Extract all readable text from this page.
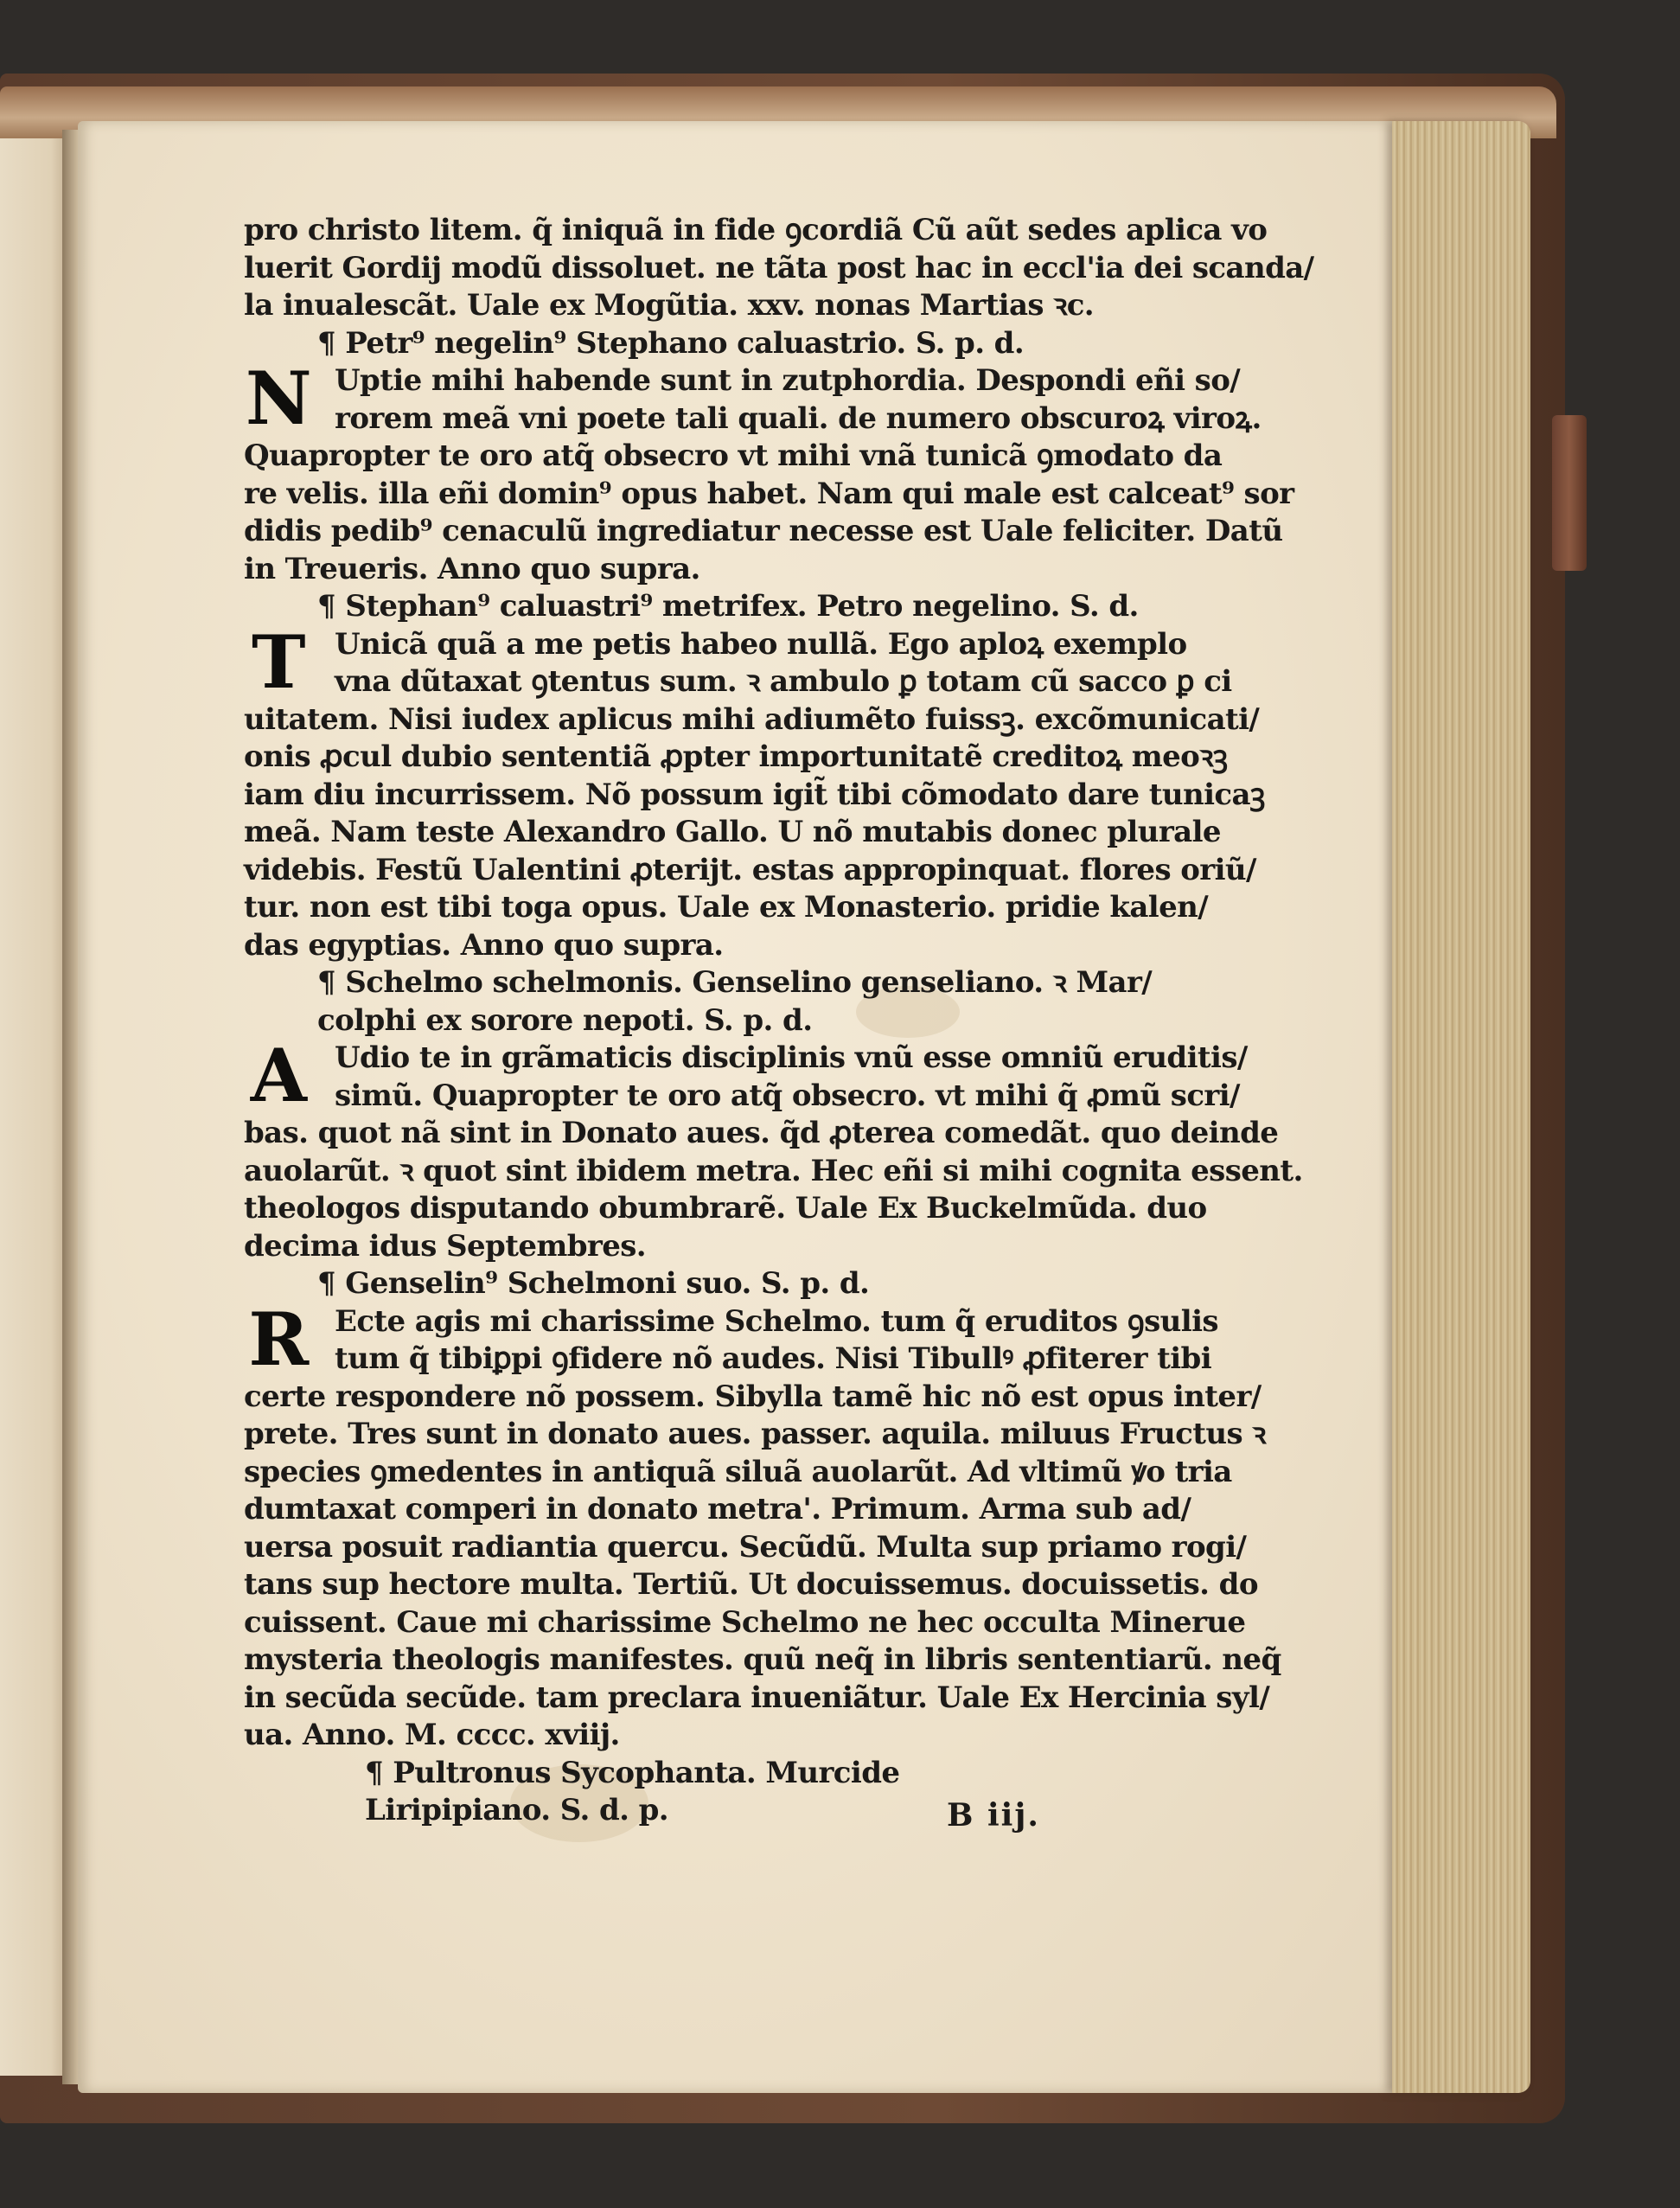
pro christo litem. q̃ iniquã in fide ꝯcordiã Cũ aũt sedes aplica vo
luerit Gordij modũ dissoluet. ne tãta post hac in eccl'ia dei scanda/
la inualescãt. Uale ex Mogũtia. xxv. nonas Martias ꝛc.
¶ Petr⁹ negelin⁹ Stephano caluastrio. S. p. d.
N Uptie mihi habende sunt in zutphordia. Despondi eñi so/
rorem meã vni poete tali quali. de numero obscuroꝝ viroꝝ.
Quapropter te oro atq̃ obsecro vt mihi vnã tunicã ꝯmodato da
re velis. illa eñi domin⁹ opus habet. Nam qui male est calceat⁹ sor
didis pedib⁹ cenaculũ ingrediatur necesse est Uale feliciter. Datũ
in Treueris. Anno quo supra.
¶ Stephan⁹ caluastri⁹ metrifex. Petro negelino. S. d.
T Unicã quã a me petis habeo nullã. Ego aploꝝ exemplo
vna dũtaxat ꝯtentus sum. ꝛ ambulo ꝑ totam cũ sacco ꝑ ci
uitatem. Nisi iudex aplicus mihi adiumẽto fuissꝫ. excõmunicati/
onis ꝓcul dubio sententiã ꝓpter importunitatẽ creditoꝝ meoꝛꝫ
iam diu incurrissem. Nõ possum igit̃ tibi cõmodato dare tunicaꝫ
meã. Nam teste Alexandro Gallo. U nõ mutabis donec plurale
videbis. Festũ Ualentini ꝓterijt. estas appropinquat. flores oriũ/
tur. non est tibi toga opus. Uale ex Monasterio. pridie kalen/
das egyptias. Anno quo supra.
¶ Schelmo schelmonis. Genselino genseliano. ꝛ Mar/
colphi ex sorore nepoti. S. p. d.
A Udio te in grãmaticis disciplinis vnũ esse omniũ eruditis/
simũ. Quapropter te oro atq̃ obsecro. vt mihi q̃ ꝓmũ scri/
bas. quot nã sint in Donato aues. q̃d ꝓterea comedãt. quo deinde
auolarũt. ꝛ quot sint ibidem metra. Hec eñi si mihi cognita essent.
theologos disputando obumbrarẽ. Uale Ex Buckelmũda. duo
decima idus Septembres.
¶ Genselin⁹ Schelmoni suo. S. p. d.
R Ecte agis mi charissime Schelmo. tum q̃ eruditos ꝯsulis
tum q̃ tibiꝑpi ꝯfidere nõ audes. Nisi Tibullꝰ ꝓfiterer tibi
certe respondere nõ possem. Sibylla tamẽ hic nõ est opus inter/
prete. Tres sunt in donato aues. passer. aquila. miluus Fructus ꝛ
species ꝯmedentes in antiquã siluã auolarũt. Ad vltimũ ꝟo tria
dumtaxat comperi in donato metra'. Primum. Arma sub ad/
uersa posuit radiantia quercu. Secũdũ. Multa sup priamo rogi/
tans sup hectore multa. Tertiũ. Ut docuissemus. docuissetis. do
cuissent. Caue mi charissime Schelmo ne hec occulta Minerue
mysteria theologis manifestes. quũ neq̃ in libris sententiarũ. neq̃
in secũda secũde. tam preclara inueniãtur. Uale Ex Hercinia syl/
ua. Anno. M. cccc. xviij.
¶ Pultronus Sycophanta. Murcide
Liripipiano. S. d. p.	B iij.
